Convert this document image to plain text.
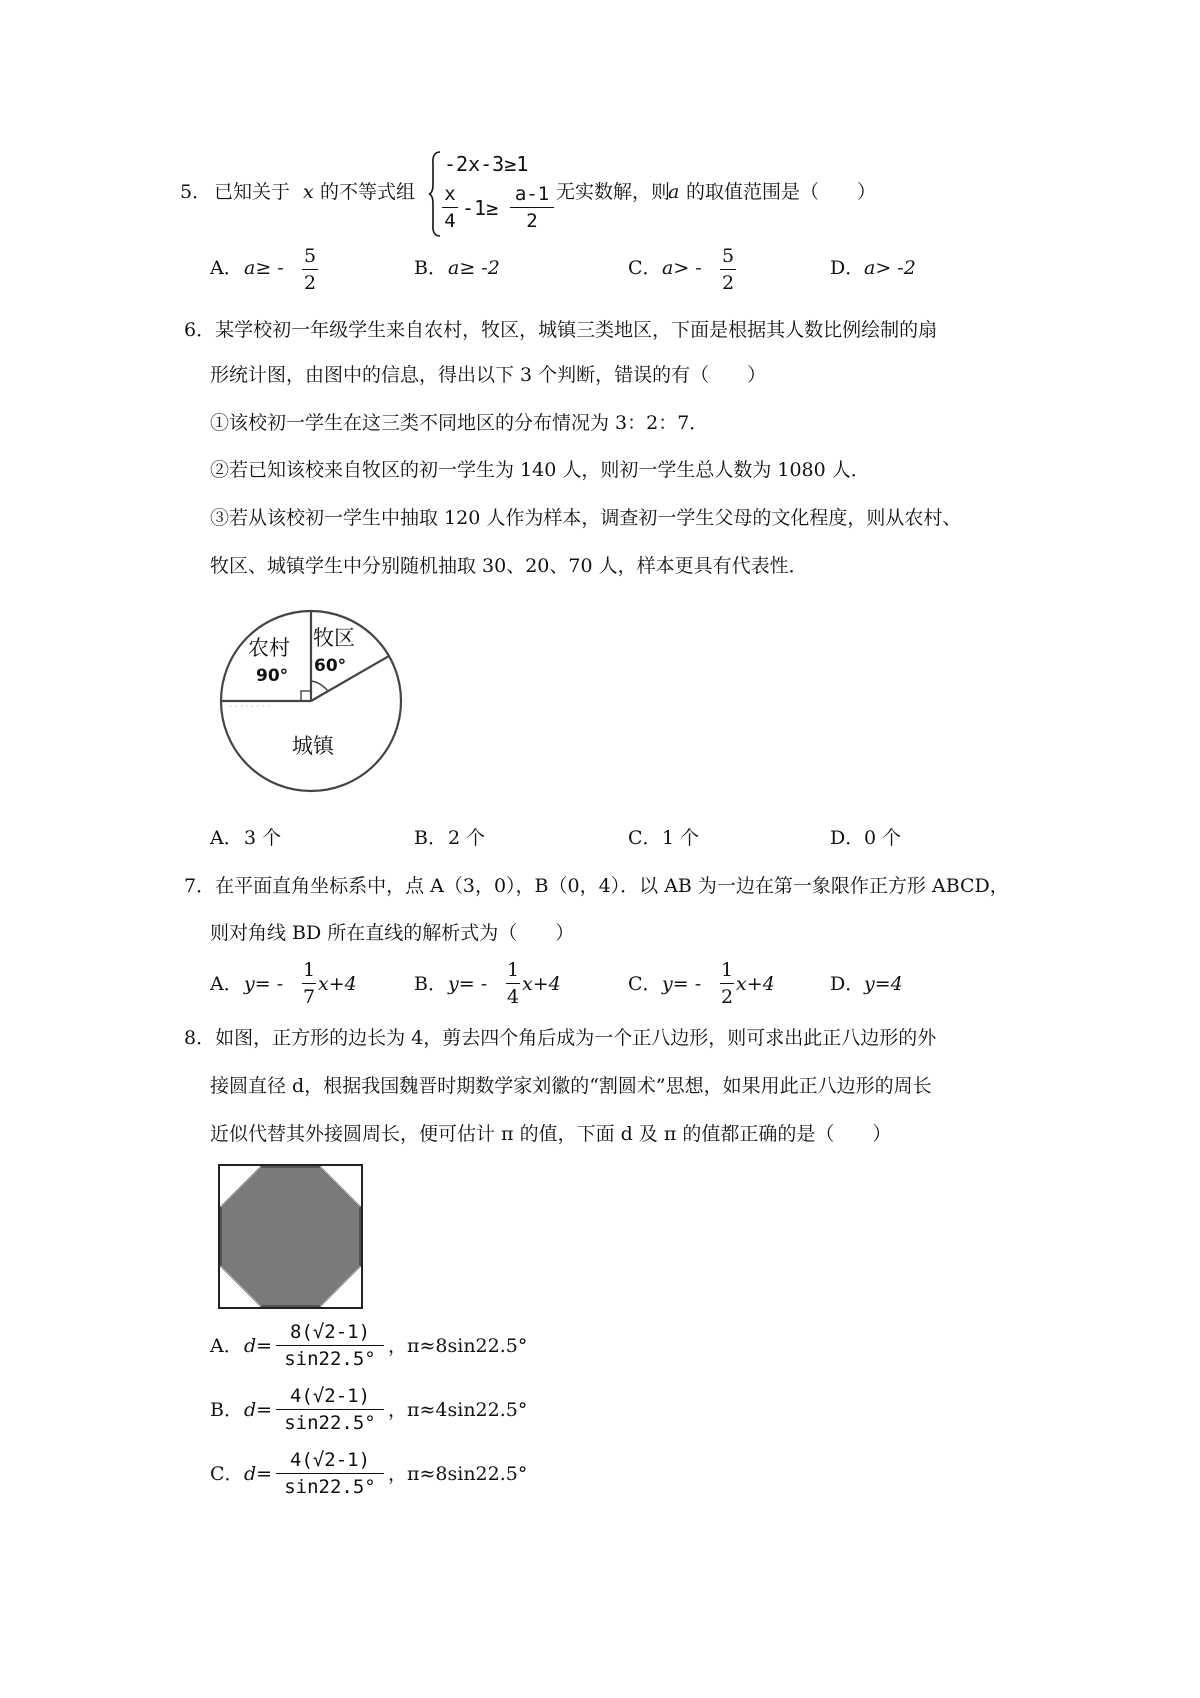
5． 已知关于 x 的不等式组
-2x-3≥1
x
4
-1≥
a-1
2
无实数解，则
a 的取值范围是（　　）
A． a≥ -
5
2
B． a≥ -2	C． a> -
5
2
D． a> -2
6．某学校初一年级学生来自农村，牧区，城镇三类地区，下面是根据其人数比例绘制的扇
形统计图，由图中的信息，得出以下 3 个判断，错误的有（　　）
①该校初一学生在这三类不同地区的分布情况为 3：2：7．
②若已知该校来自牧区的初一学生为 140 人，则初一学生总人数为 1080 人．
③若从该校初一学生中抽取 120 人作为样本，调查初一学生父母的文化程度，则从农村、
牧区、城镇学生中分别随机抽取 30、20、70 人，样本更具有代表性．
········
农村
90°
牧区
60°
城镇
A． 3 个	B． 2 个	C． 1 个	D． 0 个
7．在平面直角坐标系中，点 A（3，0），B（0，4）．以 AB 为一边在第一象限作正方形 ABCD，
则对角线 BD 所在直线的解析式为（　　）
A． y= -
1
7
x+4	B． y= -
1
4
x+4	C． y= -
1
2
x+4	D． y=4
8．如图，正方形的边长为 4，剪去四个角后成为一个正八边形，则可求出此正八边形的外
接圆直径 d，根据我国魏晋时期数学家刘徽的“割圆术”思想，如果用此正八边形的周长
近似代替其外接圆周长，便可估计 π 的值，下面 d 及 π 的值都正确的是（　　）
A． d=
8(√2-1)
sin22.5°
，π≈8sin22.5°
B． d=
4(√2-1)
sin22.5°
，π≈4sin22.5°
C． d=
4(√2-1)
sin22.5°
，π≈8sin22.5°
